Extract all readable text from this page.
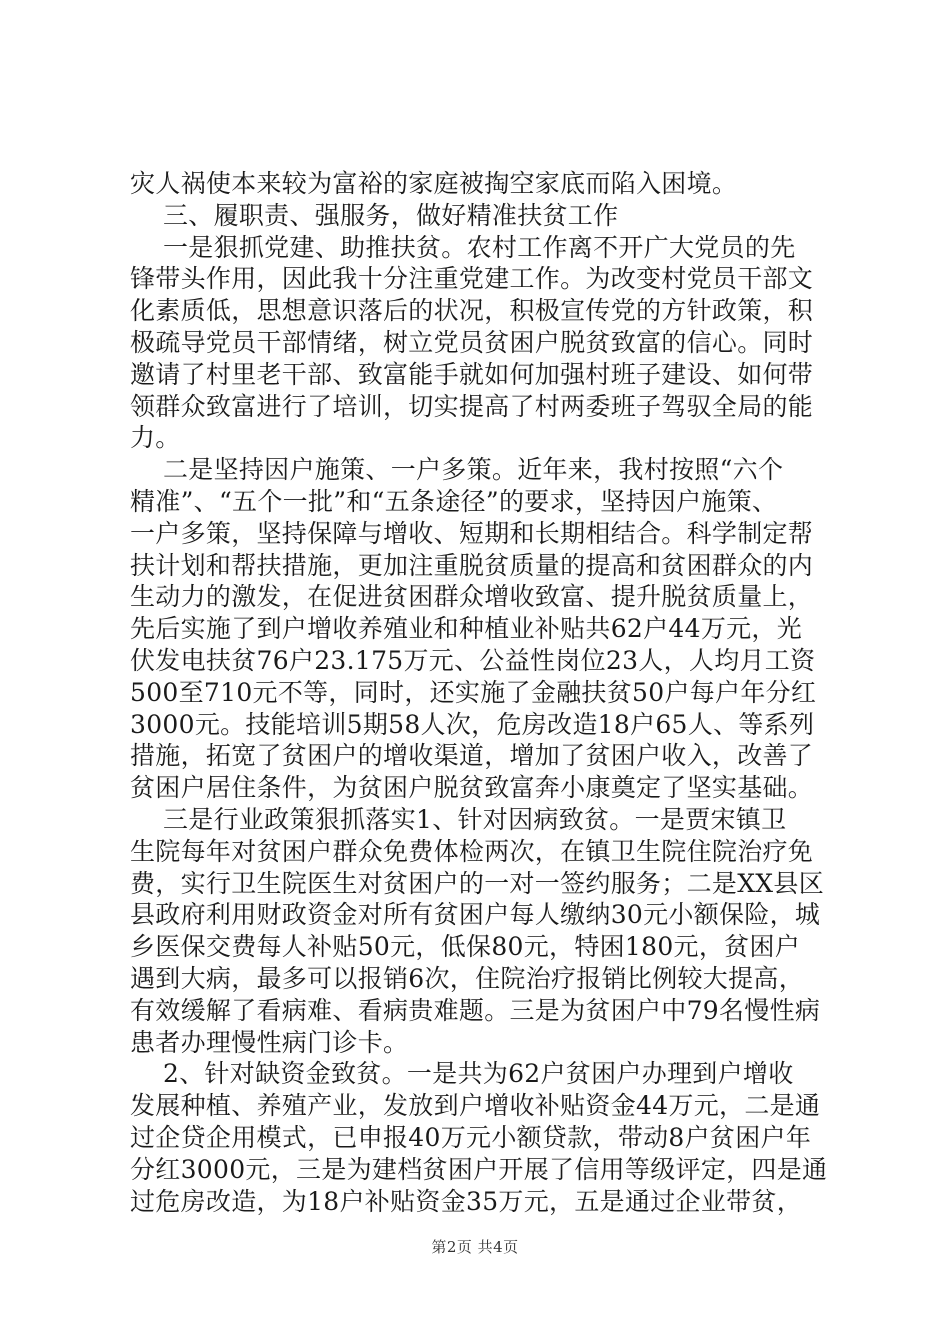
灾人祸使本来较为富裕的家庭被掏空家底而陷入困境。
三、履职责、强服务，做好精准扶贫工作
一是狠抓党建、助推扶贫。农村工作离不开广大党员的先
锋带头作用，因此我十分注重党建工作。为改变村党员干部文
化素质低，思想意识落后的状况，积极宣传党的方针政策，积
极疏导党员干部情绪，树立党员贫困户脱贫致富的信心。同时
邀请了村里老干部、致富能手就如何加强村班子建设、如何带
领群众致富进行了培训，切实提高了村两委班子驾驭全局的能
力。
二是坚持因户施策、一户多策。近年来，我村按照“六个
精准”、“五个一批”和“五条途径”的要求，坚持因户施策、
一户多策，坚持保障与增收、短期和长期相结合。科学制定帮
扶计划和帮扶措施，更加注重脱贫质量的提高和贫困群众的内
生动力的激发，在促进贫困群众增收致富、提升脱贫质量上，
先后实施了到户增收养殖业和种植业补贴共62户44万元，光
伏发电扶贫76户23.175万元、公益性岗位23人，人均月工资
500至710元不等，同时，还实施了金融扶贫50户每户年分红
3000元。技能培训5期58人次，危房改造18户65人、等系列
措施，拓宽了贫困户的增收渠道，增加了贫困户收入，改善了
贫困户居住条件，为贫困户脱贫致富奔小康奠定了坚实基础。
三是行业政策狠抓落实1、针对因病致贫。一是贾宋镇卫
生院每年对贫困户群众免费体检两次，在镇卫生院住院治疗免
费，实行卫生院医生对贫困户的一对一签约服务；二是XX县区
县政府利用财政资金对所有贫困户每人缴纳30元小额保险，城
乡医保交费每人补贴50元，低保80元，特困180元，贫困户
遇到大病，最多可以报销6次，住院治疗报销比例较大提高，
有效缓解了看病难、看病贵难题。三是为贫困户中79名慢性病
患者办理慢性病门诊卡。
2、针对缺资金致贫。一是共为62户贫困户办理到户增收
发展种植、养殖产业，发放到户增收补贴资金44万元，二是通
过企贷企用模式，已申报40万元小额贷款，带动8户贫困户年
分红3000元，三是为建档贫困户开展了信用等级评定，四是通
过危房改造，为18户补贴资金35万元，五是通过企业带贫，
第2页 共4页
